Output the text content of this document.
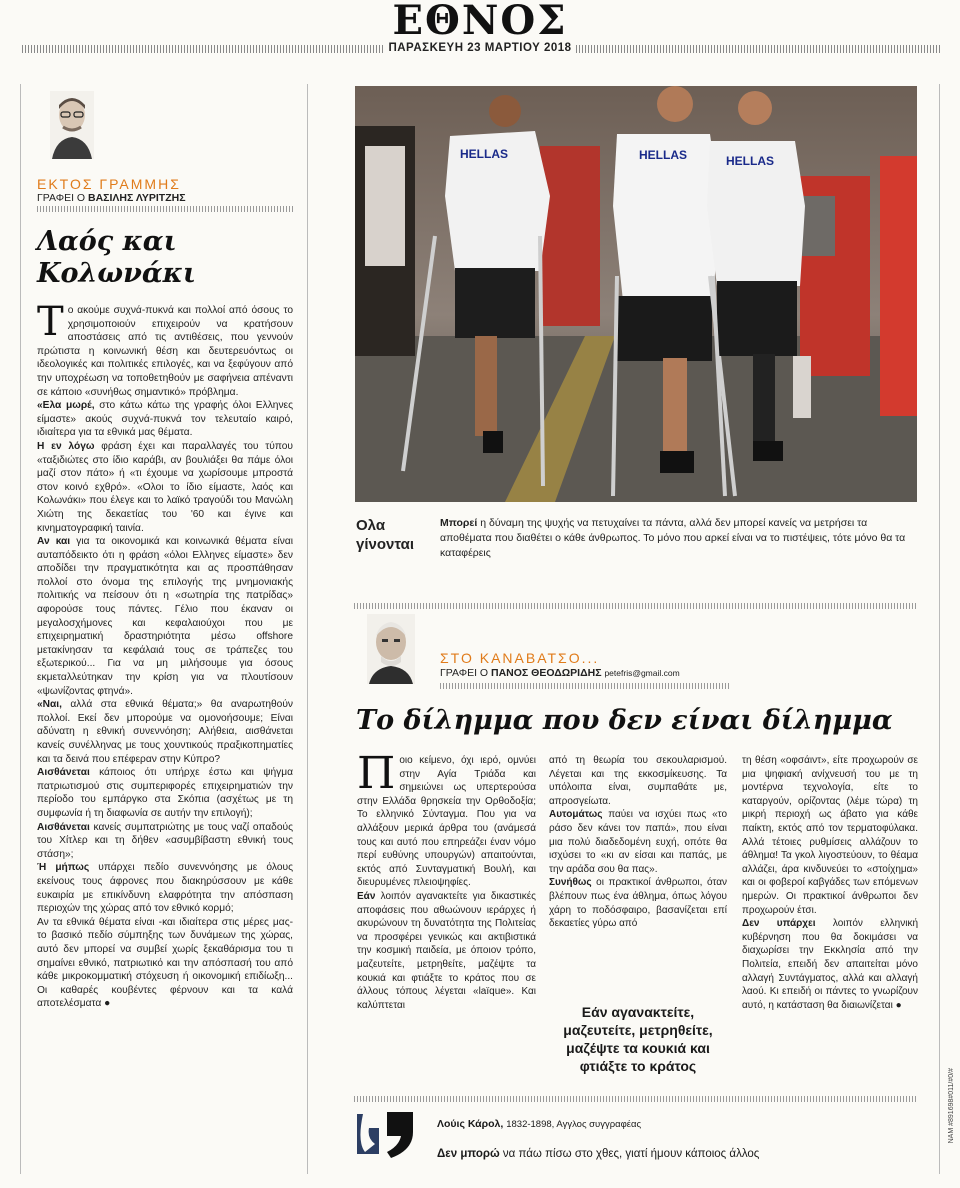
ΕΘΝΟΣ
ΠΑΡΑΣΚΕΥΗ 23 ΜΑΡΤΙΟΥ 2018
ΕΚΤΟΣ ΓΡΑΜΜΗΣ
ΓΡΑΦΕΙ Ο ΒΑΣΙΛΗΣ ΛΥΡΙΤΖΗΣ
Λαός και
Κολωνάκι

Το ακούμε συχνά-πυκνά και πολλοί από όσους το χρησιμοποιούν επιχειρούν να κρατήσουν αποστάσεις από τις αντιθέσεις, που γεννούν πρώτιστα η κοινωνική θέση και δευτερευόντως οι ιδεολογικές και πολιτικές επιλογές, και να ξεφύγουν από την υποχρέωση να τοποθετηθούν με σαφήνεια απέναντι σε κάποιο «συνήθως σημαντικό» πρόβλημα.

«Ελα μωρέ, στο κάτω κάτω της γραφής όλοι Ελληνες είμαστε» ακούς συχνά-πυκνά τον τελευταίο καιρό, ιδιαίτερα για τα εθνικά μας θέματα.

Η εν λόγω φράση έχει και παραλλαγές του τύπου «ταξιδιώτες στο ίδιο καράβι, αν βουλιάξει θα πάμε όλοι μαζί στον πάτο» ή «τι έχουμε να χωρίσουμε μπροστά στον κοινό εχθρό». «Ολοι το ίδιο είμαστε, λαός και Κολωνάκι» που έλεγε και το λαϊκό τραγούδι του Μανώλη Χιώτη της δεκαετίας του '60 και έγινε και κινηματογραφική ταινία.

Αν και για τα οικονομικά και κοινωνικά θέματα είναι αυταπόδεικτο ότι η φράση «όλοι Ελληνες είμαστε» δεν αποδίδει την πραγματικότητα και ας προσπάθησαν πολλοί στο όνομα της επιλογής της μνημονιακής πολιτικής να πείσουν ότι η «σωτηρία της πατρίδας» αφορούσε τους πάντες. Γέλιο που έκαναν οι μεγαλοσχήμονες και κεφαλαιούχοι που με επιχειρηματική δραστηριότητα μέσω offshore μετακίνησαν τα κεφάλαιά τους σε τράπεζες του εξωτερικού... Για να μη μιλήσουμε για όσους εκμεταλλεύτηκαν την κρίση για να πλουτίσουν «ψωνίζοντας φτηνά».

«Ναι, αλλά στα εθνικά θέματα;» θα αναρωτηθούν πολλοί. Εκεί δεν μπορούμε να ομονοήσουμε; Είναι αδύνατη η εθνική συνεννόηση; Αλήθεια, αισθάνεται κανείς συνέλληνας με τους χουντικούς πραξικοπηματίες και τα δεινά που επέφεραν στην Κύπρο?

Αισθάνεται κάποιος ότι υπήρχε έστω και ψήγμα πατριωτισμού στις συμπεριφορές επιχειρηματιών την περίοδο του εμπάργκο στα Σκόπια (ασχέτως με τη συμφωνία ή τη διαφωνία σε αυτήν την επιλογή);

Αισθάνεται κανείς συμπατριώτης με τους ναζί οπαδούς του Χίτλερ και τη δήθεν «ασυμβίβαστη εθνική τους στάση»;

Ή μήπως υπάρχει πεδίο συνεννόησης με όλους εκείνους τους άφρονες που διακηρύσσουν με κάθε ευκαιρία με επικίνδυνη ελαφρότητα την απόσπαση περιοχών της χώρας από τον εθνικό κορμό;

Αν τα εθνικά θέματα είναι -και ιδιαίτερα στις μέρες μας- το βασικό πεδίο σύμπηξης των δυνάμεων της χώρας, αυτό δεν μπορεί να συμβεί χωρίς ξεκαθάρισμα του τι σημαίνει εθνικό, πατριωτικό και την απόσπασή του από κάθε μικροκομματική στόχευση ή οικονομική επιδίωξη... Οι καθαρές κουβέντες φέρνουν και τα καλά αποτελέσματα ●

HELLAS	HELLAS	HELLAS
Ολα γίνονται
Μπορεί η δύναμη της ψυχής να πετυχαίνει τα πάντα, αλλά δεν μπορεί κανείς να μετρήσει τα αποθέματα που διαθέτει ο κάθε άνθρωπος. Το μόνο που αρκεί είναι να το πιστέψεις, τότε μόνο θα τα καταφέρεις
ΣΤΟ ΚΑΝΑΒΑΤΣΟ...
ΓΡΑΦΕΙ Ο ΠΑΝΟΣ ΘΕΟΔΩΡΙΔΗΣ petefris@gmail.com
Το δίλημμα που δεν είναι δίλημμα

Ποιο κείμενο, όχι ιερό, ομνύει στην Αγία Τριάδα και σημειώνει ως υπερτερούσα στην Ελλάδα θρησκεία την Ορθοδοξία; Το ελληνικό Σύνταγμα. Που για να αλλάξουν μερικά άρθρα του (ανάμεσά τους και αυτό που επηρεάζει έναν νόμο περί ευθύνης υπουργών) απαιτούνται, εκτός από Συνταγματική Βουλή, και διευρυμένες πλειοψηφίες.

Εάν λοιπόν αγανακτείτε για δικαστικές αποφάσεις που αθωώνουν ιεράρχες ή ακυρώνουν τη δυνατότητα της Πολιτείας να προσφέρει γενικώς και ακτιβιστικά την κοσμική παιδεία, με όποιον τρόπο, μαζευτείτε, μετρηθείτε, μαζέψτε τα κουκιά και φτιάξτε το κράτος που σε άλλους τόπους λέγεται «laïque». Και καλύπτεται

από τη θεωρία του σεκουλαρισμού. Λέγεται και της εκκοσμίκευσης. Τα υπόλοιπα είναι, συμπαθάτε με, απροσγείωτα.

Αυτομάτως παύει να ισχύει πως «το ράσο δεν κάνει τον παπά», που είναι μια πολύ διαδεδομένη ευχή, οπότε θα ισχύσει το «κι αν είσαι και παπάς, με την αράδα σου θα πας».

Συνήθως οι πρακτικοί άνθρωποι, όταν βλέπουν πως ένα άθλημα, όπως λόγου χάρη το ποδόσφαιρο, βασανίζεται επί δεκαετίες γύρω από

Εάν αγανακτείτε, μαζευτείτε, μετρηθείτε, μαζέψτε τα κουκιά και φτιάξτε το κράτος

τη θέση «οφσάιντ», είτε προχωρούν σε μια ψηφιακή ανίχνευσή του με τη μοντέρνα τεχνολογία, είτε το καταργούν, ορίζοντας (λέμε τώρα) τη μικρή περιοχή ως άβατο για κάθε παίκτη, εκτός από τον τερματοφύλακα. Αλλά τέτοιες ρυθμίσεις αλλάζουν το άθλημα! Τα γκολ λιγοστεύουν, το θέαμα αλλάζει, άρα κινδυνεύει το «στοίχημα» και οι φοβεροί καβγάδες των επόμενων ημερών. Οι πρακτικοί άνθρωποι δεν προχωρούν έτσι.

Δεν υπάρχει λοιπόν ελληνική κυβέρνηση που θα δοκιμάσει να διαχωρίσει την Εκκλησία από την Πολιτεία, επειδή δεν απαιτείται μόνο αλλαγή Συντάγματος, αλλά και αλλαγή λαού. Κι επειδή οι πάντες το γνωρίζουν αυτό, η κατάσταση θα διαιωνίζεται ●

Λούις Κάρολ, 1832-1898, Αγγλος συγγραφέας
Δεν μπορώ να πάω πίσω στο χθες, γιατί ήμουν κάποιος άλλος
ΝΑΜ #891698#011/#0/#
